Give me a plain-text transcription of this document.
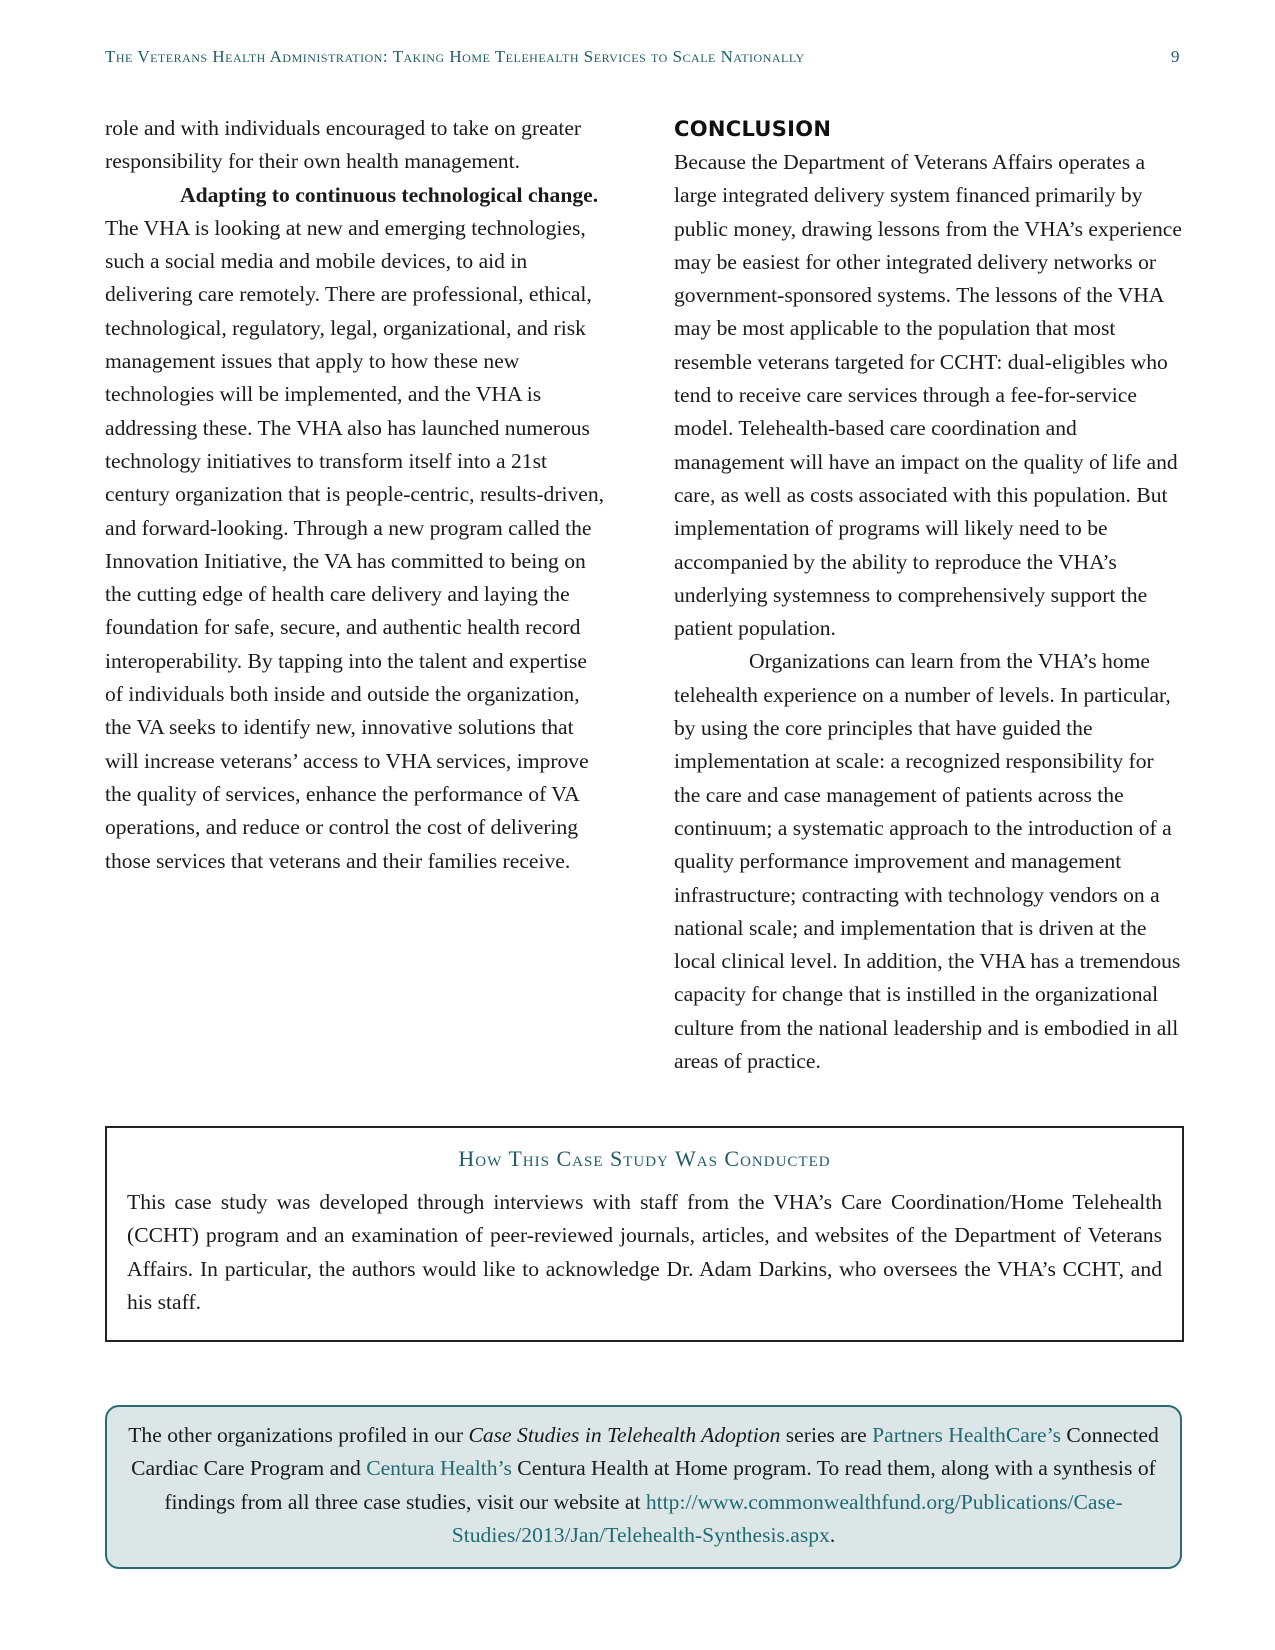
The Veterans Health Administration: Taking Home Telehealth Services to Scale Nationally	9

role and with individuals encouraged to take on greater responsibility for their own health management.

Adapting to continuous technological change. The VHA is looking at new and emerging technologies, such a social media and mobile devices, to aid in delivering care remotely. There are professional, ethical, technological, regulatory, legal, organizational, and risk management issues that apply to how these new technologies will be implemented, and the VHA is addressing these. The VHA also has launched numerous technology initiatives to transform itself into a 21st century organization that is people-centric, results-driven, and forward-looking. Through a new program called the Innovation Initiative, the VA has committed to being on the cutting edge of health care delivery and laying the foundation for safe, secure, and authentic health record interoperability. By tapping into the talent and expertise of individuals both inside and outside the organization, the VA seeks to identify new, innovative solutions that will increase veterans’ access to VHA services, improve the quality of services, enhance the performance of VA operations, and reduce or control the cost of delivering those services that veterans and their families receive.

CONCLUSION

Because the Department of Veterans Affairs operates a large integrated delivery system financed primarily by public money, drawing lessons from the VHA’s experience may be easiest for other integrated delivery networks or government-sponsored systems. The lessons of the VHA may be most applicable to the population that most resemble veterans targeted for CCHT: dual-eligibles who tend to receive care services through a fee-for-service model. Telehealth-based care coordination and management will have an impact on the quality of life and care, as well as costs associated with this population. But implementation of programs will likely need to be accompanied by the ability to reproduce the VHA’s underlying systemness to comprehensively support the patient population.

Organizations can learn from the VHA’s home telehealth experience on a number of levels. In particular, by using the core principles that have guided the implementation at scale: a recognized responsibility for the care and case management of patients across the continuum; a systematic approach to the introduction of a quality performance improvement and management infrastructure; contracting with technology vendors on a national scale; and implementation that is driven at the local clinical level. In addition, the VHA has a tremendous capacity for change that is instilled in the organizational culture from the national leadership and is embodied in all areas of practice.

How This Case Study Was Conducted

This case study was developed through interviews with staff from the VHA’s Care Coordination/Home Telehealth (CCHT) program and an examination of peer-reviewed journals, articles, and websites of the Department of Veterans Affairs. In particular, the authors would like to acknowledge Dr. Adam Darkins, who oversees the VHA’s CCHT, and his staff.

The other organizations profiled in our Case Studies in Telehealth Adoption series are Partners HealthCare’s Connected Cardiac Care Program and Centura Health’s Centura Health at Home program. To read them, along with a synthesis of findings from all three case studies, visit our website at http://www.commonwealthfund.org/Publications/Case-Studies/2013/Jan/Telehealth-Synthesis.aspx.
